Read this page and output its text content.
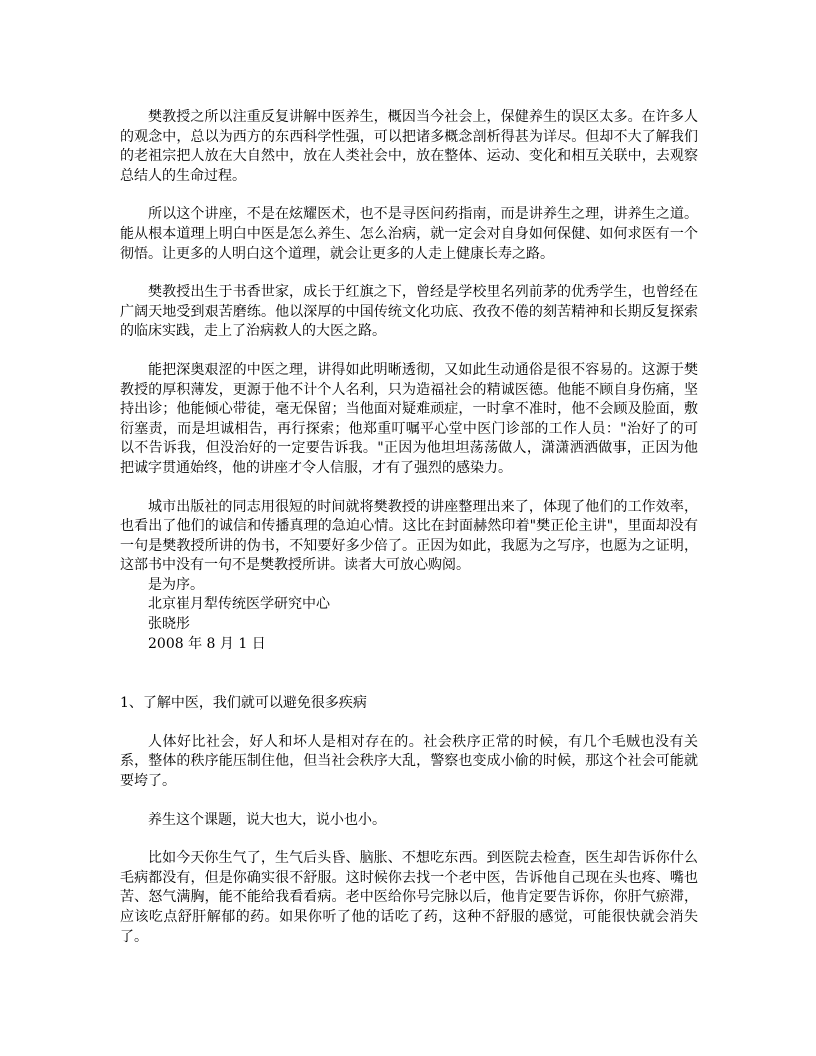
樊教授之所以注重反复讲解中医养生，概因当今社会上，保健养生的误区太多。在许多人的观念中，总以为西方的东西科学性强，可以把诸多概念剖析得甚为详尽。但却不大了解我们的老祖宗把人放在大自然中，放在人类社会中，放在整体、运动、变化和相互关联中，去观察总结人的生命过程。

所以这个讲座，不是在炫耀医术，也不是寻医问药指南，而是讲养生之理，讲养生之道。能从根本道理上明白中医是怎么养生、怎么治病，就一定会对自身如何保健、如何求医有一个彻悟。让更多的人明白这个道理，就会让更多的人走上健康长寿之路。

樊教授出生于书香世家，成长于红旗之下，曾经是学校里名列前茅的优秀学生，也曾经在广阔天地受到艰苦磨练。他以深厚的中国传统文化功底、孜孜不倦的刻苦精神和长期反复探索的临床实践，走上了治病救人的大医之路。

能把深奥艰涩的中医之理，讲得如此明晰透彻，又如此生动通俗是很不容易的。这源于樊教授的厚积薄发，更源于他不计个人名利，只为造福社会的精诚医德。他能不顾自身伤痛，坚持出诊；他能倾心带徒，毫无保留；当他面对疑难顽症，一时拿不准时，他不会顾及脸面，敷衍塞责，而是坦诚相告，再行探索；他郑重叮嘱平心堂中医门诊部的工作人员："治好了的可以不告诉我，但没治好的一定要告诉我。"正因为他坦坦荡荡做人，潇潇洒洒做事，正因为他把诚字贯通始终，他的讲座才令人信服，才有了强烈的感染力。

城市出版社的同志用很短的时间就将樊教授的讲座整理出来了，体现了他们的工作效率，也看出了他们的诚信和传播真理的急迫心情。这比在封面赫然印着"樊正伦主讲"，里面却没有一句是樊教授所讲的伪书，不知要好多少倍了。正因为如此，我愿为之写序，也愿为之证明，这部书中没有一句不是樊教授所讲。读者大可放心购阅。

是为序。

北京崔月犁传统医学研究中心

张晓彤

2008 年 8 月 1 日

1、了解中医，我们就可以避免很多疾病

人体好比社会，好人和坏人是相对存在的。社会秩序正常的时候，有几个毛贼也没有关系，整体的秩序能压制住他，但当社会秩序大乱，警察也变成小偷的时候，那这个社会可能就要垮了。

养生这个课题，说大也大，说小也小。

比如今天你生气了，生气后头昏、脑胀、不想吃东西。到医院去检查，医生却告诉你什么毛病都没有，但是你确实很不舒服。这时候你去找一个老中医，告诉他自己现在头也疼、嘴也苦、怒气满胸，能不能给我看看病。老中医给你号完脉以后，他肯定要告诉你，你肝气瘀滞，应该吃点舒肝解郁的药。如果你听了他的话吃了药，这种不舒服的感觉，可能很快就会消失了。
